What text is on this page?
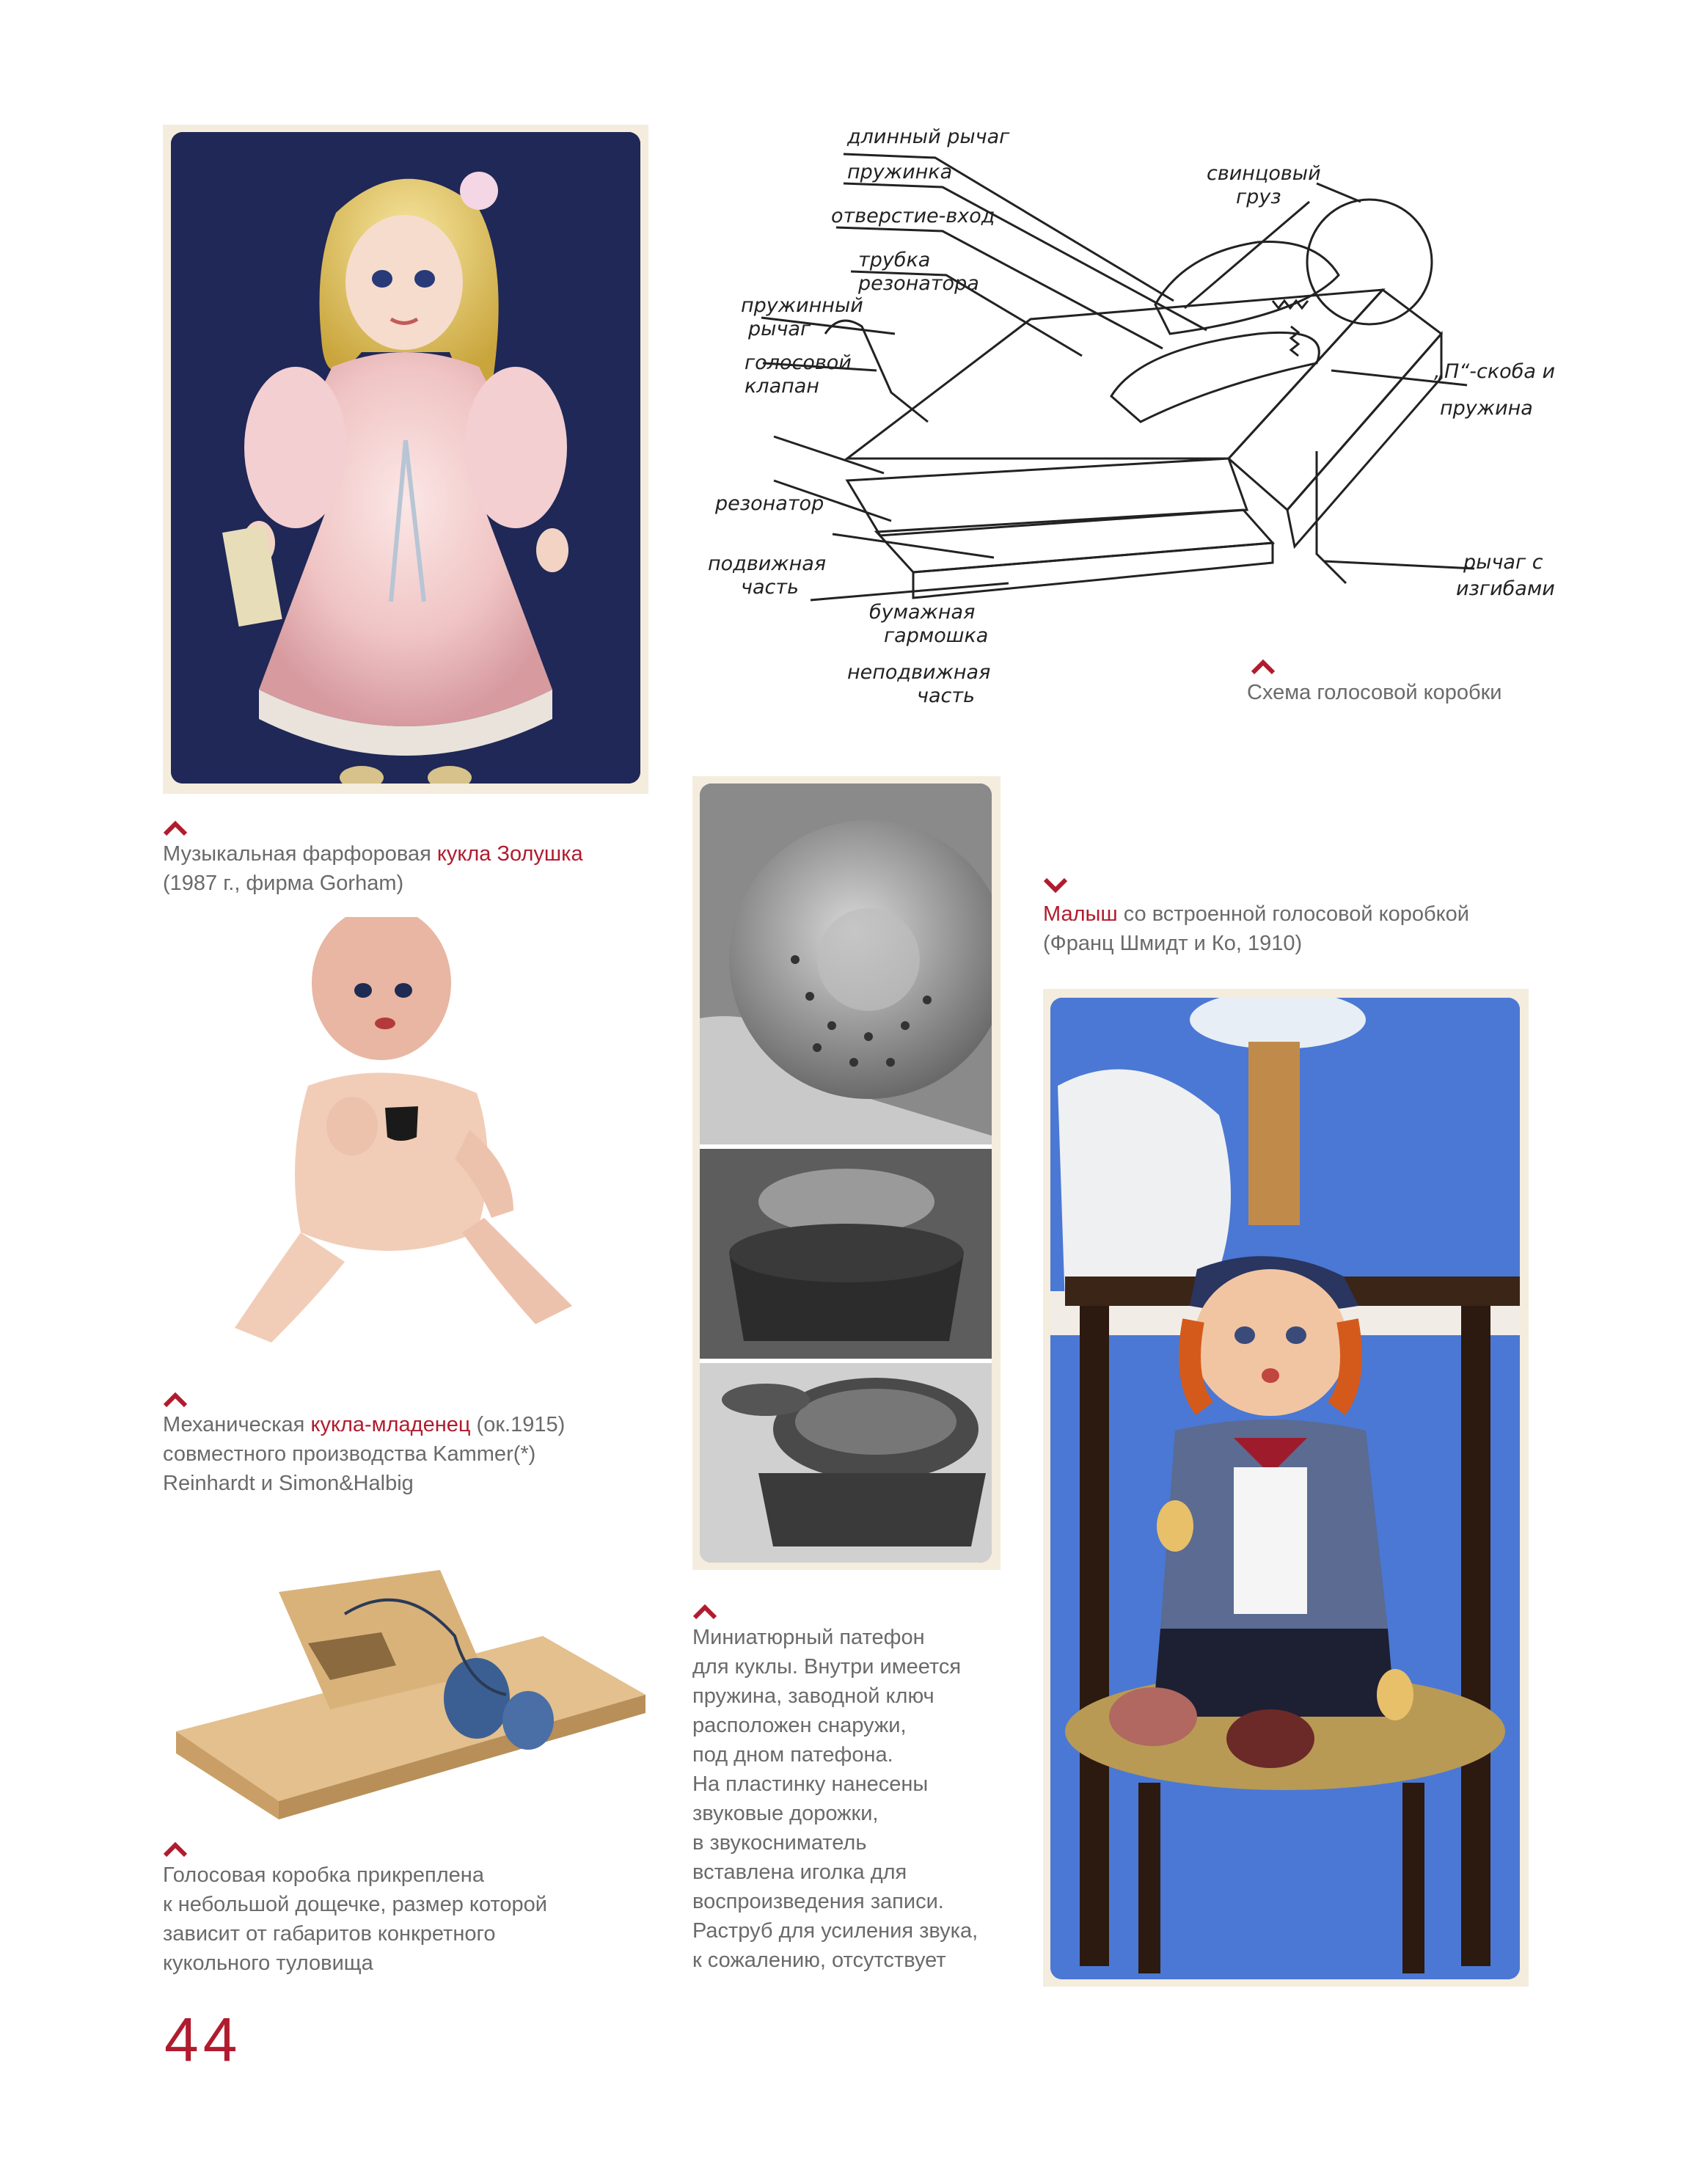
Музыкальная фарфоровая кукла Золушка
(1987 г., фирма Gorham)
длинный рычаг
пружинка
отверстие-вход
трубка
резонатора
пружинный
рычаг
голосовой
клапан
резонатор
подвижная
часть
бумажная
гармошка
неподвижная
часть
свинцовый
груз
„П“-скоба и
пружина
рычаг с
изгибами
Схема голосовой коробки
Механическая кукла-младенец (ок.1915)
совместного производства Kammer(*)
Reinhardt и Simon&Halbig
Голосовая коробка прикреплена
к небольшой дощечке, размер которой
зависит от габаритов конкретного
кукольного туловища
Миниатюрный патефон
для куклы. Внутри имеется
пружина, заводной ключ
расположен снаружи,
под дном патефона.
На пластинку нанесены
звуковые дорожки,
в звукосниматель
вставлена иголка для
воспроизведения записи.
Раструб для усиления звука,
к сожалению, отсутствует
Малыш со встроенной голосовой коробкой
(Франц Шмидт и Ко, 1910)
44
